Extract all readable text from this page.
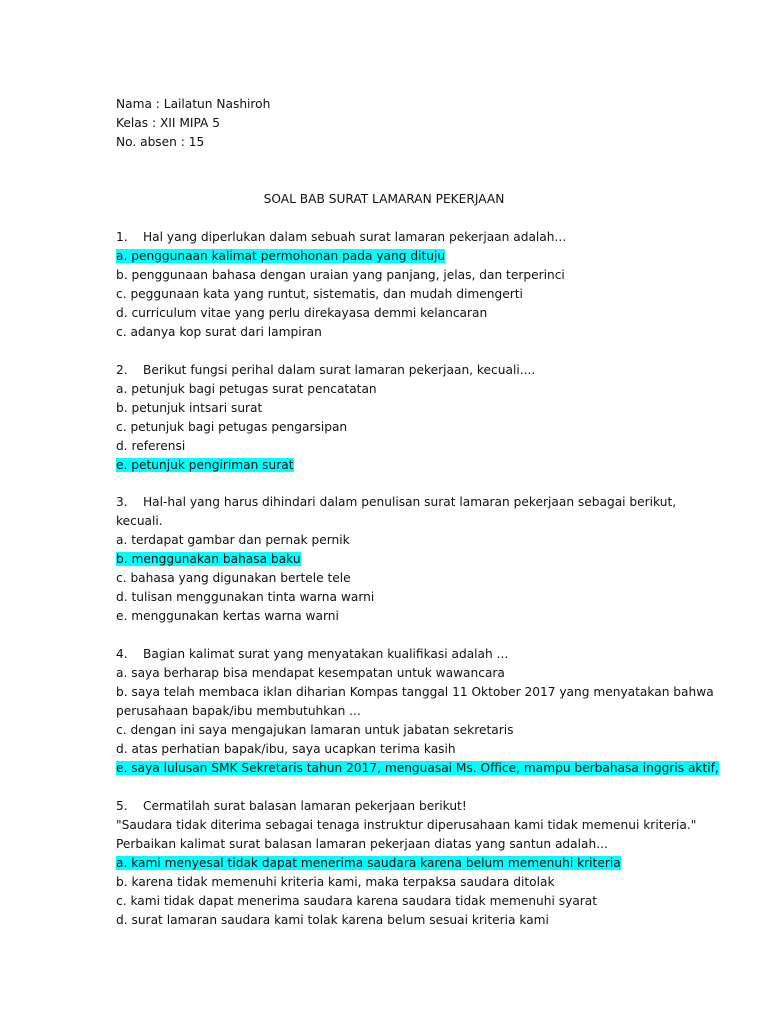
Nama : Lailatun Nashiroh
Kelas : XII MIPA 5
No. absen : 15
SOAL BAB SURAT LAMARAN PEKERJAAN
1. Hal yang diperlukan dalam sebuah surat lamaran pekerjaan adalah...
a. penggunaan kalimat permohonan pada yang dituju
b. penggunaan bahasa dengan uraian yang panjang, jelas, dan terperinci
c. peggunaan kata yang runtut, sistematis, dan mudah dimengerti
d. curriculum vitae yang perlu direkayasa demmi kelancaran
c. adanya kop surat dari lampiran
2. Berikut fungsi perihal dalam surat lamaran pekerjaan, kecuali....
a. petunjuk bagi petugas surat pencatatan
b. petunjuk intsari surat
c. petunjuk bagi petugas pengarsipan
d. referensi
e. petunjuk pengiriman surat
3. Hal-hal yang harus dihindari dalam penulisan surat lamaran pekerjaan sebagai berikut,
kecuali.
a. terdapat gambar dan pernak pernik
b. menggunakan bahasa baku
c. bahasa yang digunakan bertele tele
d. tulisan menggunakan tinta warna warni
e. menggunakan kertas warna warni
4. Bagian kalimat surat yang menyatakan kualifikasi adalah ...
a. saya berharap bisa mendapat kesempatan untuk wawancara
b. saya telah membaca iklan diharian Kompas tanggal 11 Oktober 2017 yang menyatakan bahwa
perusahaan bapak/ibu membutuhkan ...
c. dengan ini saya mengajukan lamaran untuk jabatan sekretaris
d. atas perhatian bapak/ibu, saya ucapkan terima kasih
e. saya lulusan SMK Sekretaris tahun 2017, menguasai Ms. Office, mampu berbahasa inggris aktif,
5. Cermatilah surat balasan lamaran pekerjaan berikut!
"Saudara tidak diterima sebagai tenaga instruktur diperusahaan kami tidak memenui kriteria."
Perbaikan kalimat surat balasan lamaran pekerjaan diatas yang santun adalah...
a. kami menyesal tidak dapat menerima saudara karena belum memenuhi kriteria
b. karena tidak memenuhi kriteria kami, maka terpaksa saudara ditolak
c. kami tidak dapat menerima saudara karena saudara tidak memenuhi syarat
d. surat lamaran saudara kami tolak karena belum sesuai kriteria kami
